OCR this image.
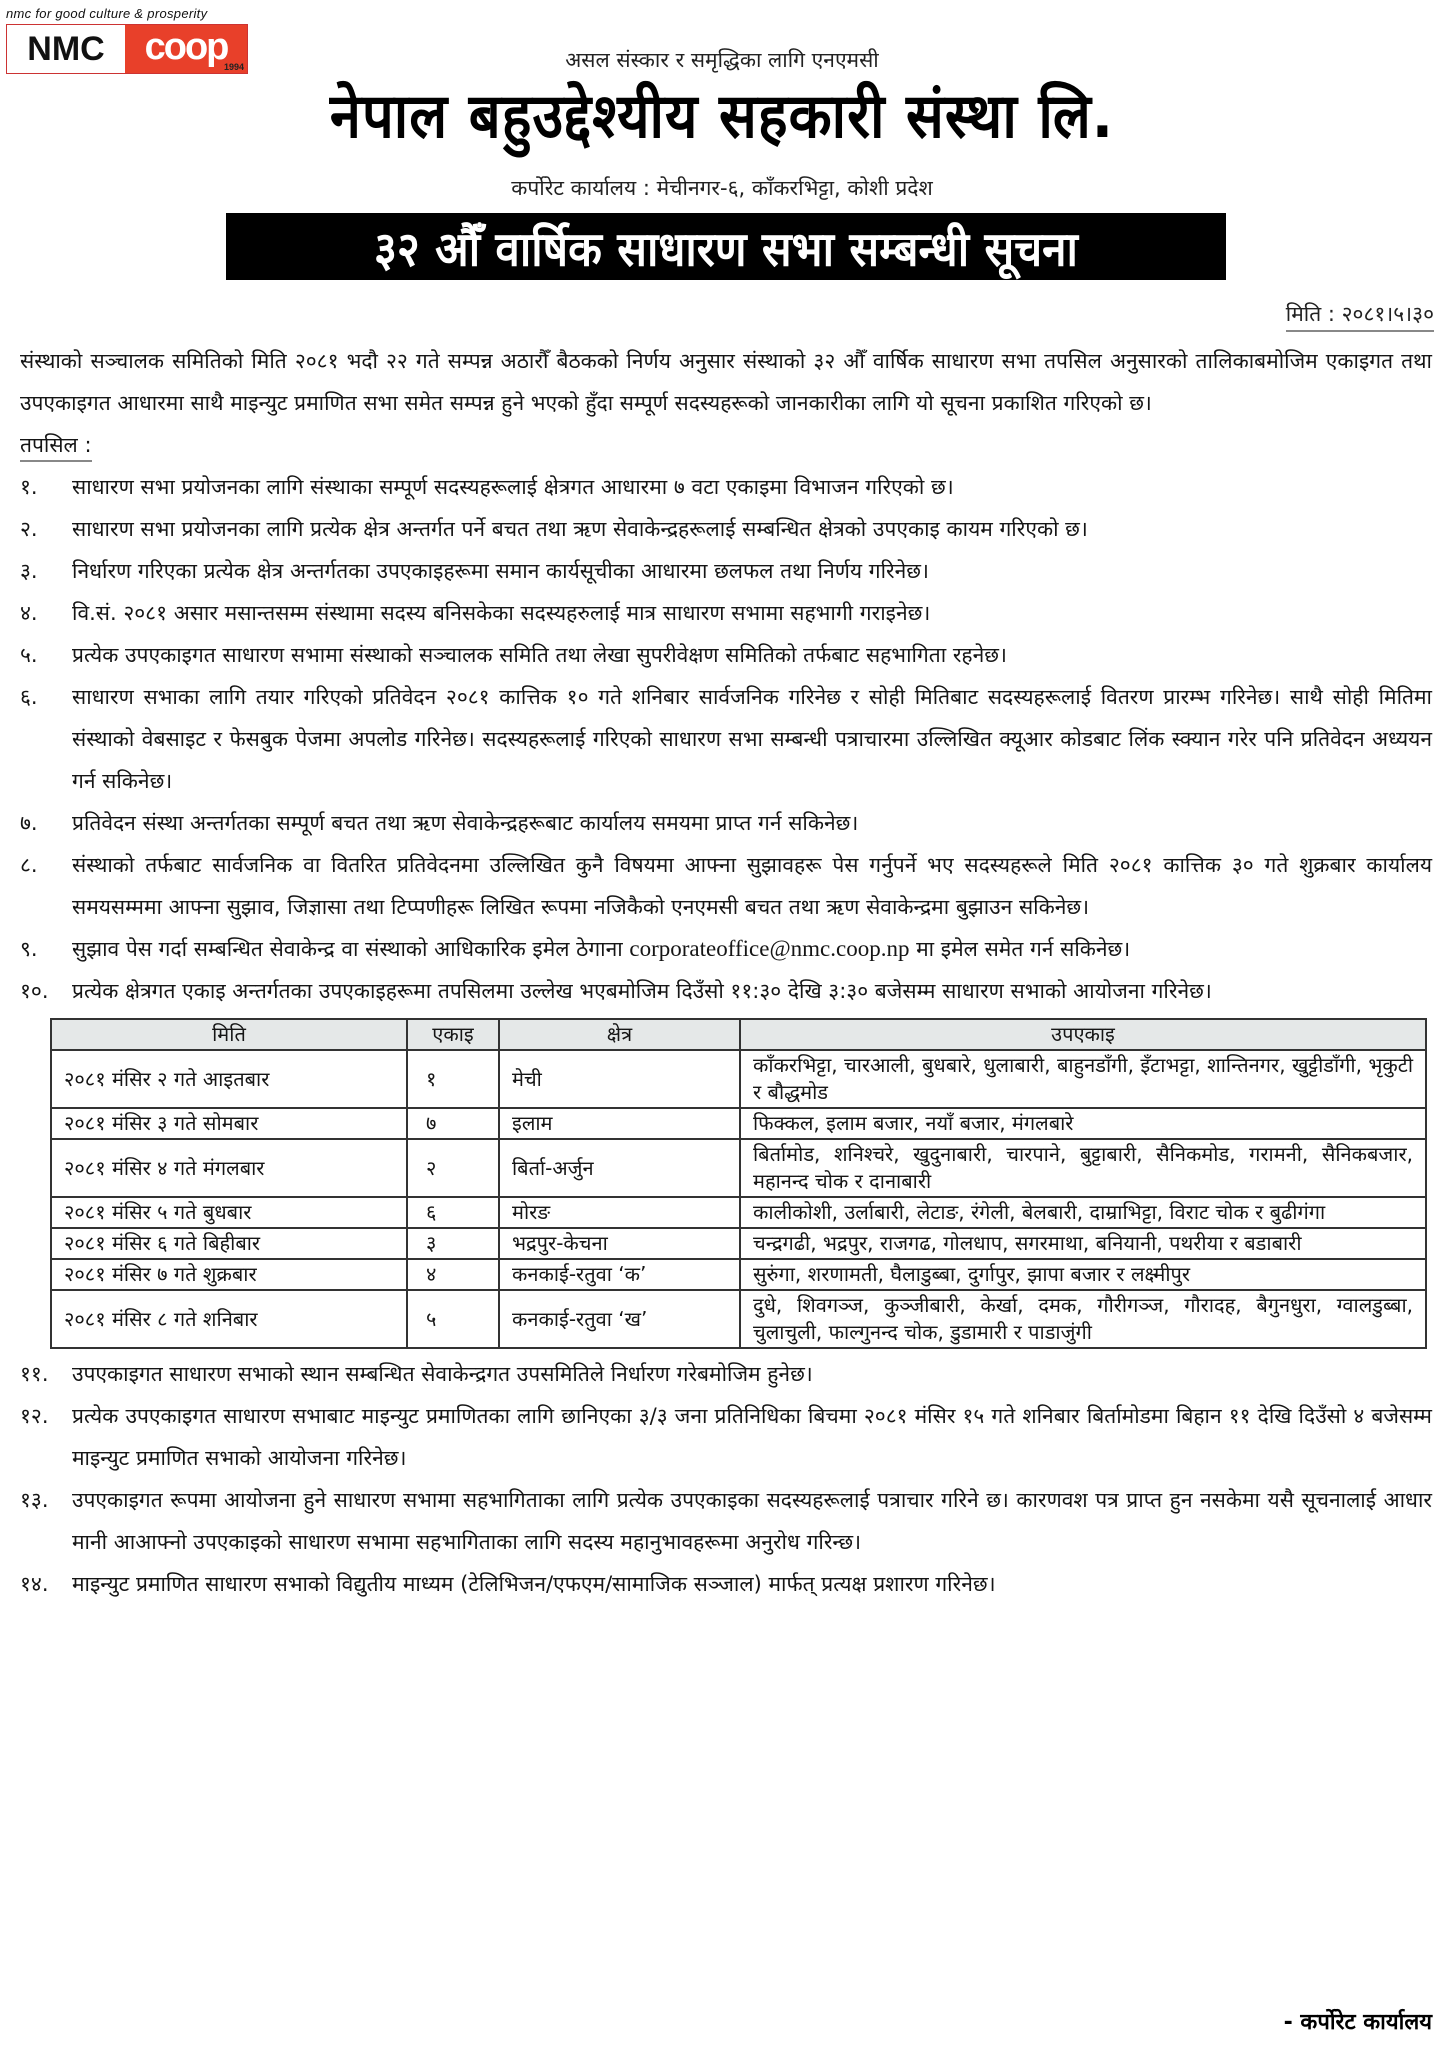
nmc for good culture & prosperity
NMC	coop
1994	असल संस्कार र समृद्धिका लागि एनएमसी
नेपाल बहुउद्देश्यीय सहकारी संस्था लि.
कर्पोरेट कार्यालय : मेचीनगर-६, काँकरभिट्टा, कोशी प्रदेश
३२ औँ वार्षिक साधारण सभा सम्बन्धी सूचना
मिति : २०८१।५।३०

संस्थाको सञ्चालक समितिको मिति २०८१ भदौ २२ गते सम्पन्न अठारौँ बैठकको निर्णय अनुसार संस्थाको ३२ औँ वार्षिक साधारण सभा तपसिल अनुसारको तालिकाबमोजिम एकाइगत तथा उपएकाइगत आधारमा साथै माइन्युट प्रमाणित सभा समेत सम्पन्न हुने भएको हुँदा सम्पूर्ण सदस्यहरूको जानकारीका लागि यो सूचना प्रकाशित गरिएको छ।

तपसिल :
१.	साधारण सभा प्रयोजनका लागि संस्थाका सम्पूर्ण सदस्यहरूलाई क्षेत्रगत आधारमा ७ वटा एकाइमा विभाजन गरिएको छ।
२.	साधारण सभा प्रयोजनका लागि प्रत्येक क्षेत्र अन्तर्गत पर्ने बचत तथा ऋण सेवाकेन्द्रहरूलाई सम्बन्धित क्षेत्रको उपएकाइ कायम गरिएको छ।
३.	निर्धारण गरिएका प्रत्येक क्षेत्र अन्तर्गतका उपएकाइहरूमा समान कार्यसूचीका आधारमा छलफल तथा निर्णय गरिनेछ।
४.	वि.सं. २०८१ असार मसान्तसम्म संस्थामा सदस्य बनिसकेका सदस्यहरुलाई मात्र साधारण सभामा सहभागी गराइनेछ।
५.	प्रत्येक उपएकाइगत साधारण सभामा संस्थाको सञ्चालक समिति तथा लेखा सुपरीवेक्षण समितिको तर्फबाट सहभागिता रहनेछ।
६.	साधारण सभाका लागि तयार गरिएको प्रतिवेदन २०८१ कात्तिक १० गते शनिबार सार्वजनिक गरिनेछ र सोही मितिबाट सदस्यहरूलाई वितरण प्रारम्भ गरिनेछ। साथै सोही मितिमा संस्थाको वेबसाइट र फेसबुक पेजमा अपलोड गरिनेछ। सदस्यहरूलाई गरिएको साधारण सभा सम्बन्धी पत्राचारमा उल्लिखित क्यूआर कोडबाट लिंक स्क्यान गरेर पनि प्रतिवेदन अध्ययन गर्न सकिनेछ।
७.	प्रतिवेदन संस्था अन्तर्गतका सम्पूर्ण बचत तथा ऋण सेवाकेन्द्रहरूबाट कार्यालय समयमा प्राप्त गर्न सकिनेछ।
८.	संस्थाको तर्फबाट सार्वजनिक वा वितरित प्रतिवेदनमा उल्लिखित कुनै विषयमा आफ्ना सुझावहरू पेस गर्नुपर्ने भए सदस्यहरूले मिति २०८१ कात्तिक ३० गते शुक्रबार कार्यालय समयसम्ममा आफ्ना सुझाव, जिज्ञासा तथा टिप्पणीहरू लिखित रूपमा नजिकैको एनएमसी बचत तथा ऋण सेवाकेन्द्रमा बुझाउन सकिनेछ।
९.	सुझाव पेस गर्दा सम्बन्धित सेवाकेन्द्र वा संस्थाको आधिकारिक इमेल ठेगाना corporateoffice@nmc.coop.np मा इमेल समेत गर्न सकिनेछ।
१०.	प्रत्येक क्षेत्रगत एकाइ अन्तर्गतका उपएकाइहरूमा तपसिलमा उल्लेख भएबमोजिम दिउँसो ११:३० देखि ३:३० बजेसम्म साधारण सभाको आयोजना गरिनेछ।
मिति	एकाइ	क्षेत्र	उपएकाइ
२०८१ मंसिर २ गते आइतबार	१	मेची	काँकरभिट्टा, चारआली, बुधबारे, धुलाबारी, बाहुनडाँगी, इँटाभट्टा, शान्तिनगर, खुट्टीडाँगी, भृकुटी र बौद्धमोड
२०८१ मंसिर ३ गते सोमबार	७	इलाम	फिक्कल, इलाम बजार, नयाँ बजार, मंगलबारे
२०८१ मंसिर ४ गते मंगलबार	२	बिर्ता-अर्जुन	बिर्तामोड, शनिश्चरे, खुदुनाबारी, चारपाने, बुट्टाबारी, सैनिकमोड, गरामनी, सैनिकबजार, महानन्द चोक र दानाबारी
२०८१ मंसिर ५ गते बुधबार	६	मोरङ	कालीकोशी, उर्लाबारी, लेटाङ, रंगेली, बेलबारी, दाम्राभिट्टा, विराट चोक र बुढीगंगा
२०८१ मंसिर ६ गते बिहीबार	३	भद्रपुर-केचना	चन्द्रगढी, भद्रपुर, राजगढ, गोलधाप, सगरमाथा, बनियानी, पथरीया र बडाबारी
२०८१ मंसिर ७ गते शुक्रबार	४	कनकाई-रतुवा ‘क’	सुरुंगा, शरणामती, घैलाडुब्बा, दुर्गापुर, झापा बजार र लक्ष्मीपुर
२०८१ मंसिर ८ गते शनिबार	५	कनकाई-रतुवा ‘ख’	दुधे, शिवगञ्ज, कुञ्जीबारी, केर्खा, दमक, गौरीगञ्ज, गौरादह, बैगुनधुरा, ग्वालडुब्बा, चुलाचुली, फाल्गुनन्द चोक, डुडामारी र पाडाजुंगी
११.	उपएकाइगत साधारण सभाको स्थान सम्बन्धित सेवाकेन्द्रगत उपसमितिले निर्धारण गरेबमोजिम हुनेछ।
१२.	प्रत्येक उपएकाइगत साधारण सभाबाट माइन्युट प्रमाणितका लागि छानिएका ३/३ जना प्रतिनिधिका बिचमा २०८१ मंसिर १५ गते शनिबार बिर्तामोडमा बिहान ११ देखि दिउँसो ४ बजेसम्म माइन्युट प्रमाणित सभाको आयोजना गरिनेछ।
१३.	उपएकाइगत रूपमा आयोजना हुने साधारण सभामा सहभागिताका लागि प्रत्येक उपएकाइका सदस्यहरूलाई पत्राचार गरिने छ। कारणवश पत्र प्राप्त हुन नसकेमा यसै सूचनालाई आधार मानी आआफ्नो उपएकाइको साधारण सभामा सहभागिताका लागि सदस्य महानुभावहरूमा अनुरोध गरिन्छ।
१४.	माइन्युट प्रमाणित साधारण सभाको विद्युतीय माध्यम (टेलिभिजन/एफएम/सामाजिक सञ्जाल) मार्फत् प्रत्यक्ष प्रशारण गरिनेछ।
- कर्पोरेट कार्यालय
